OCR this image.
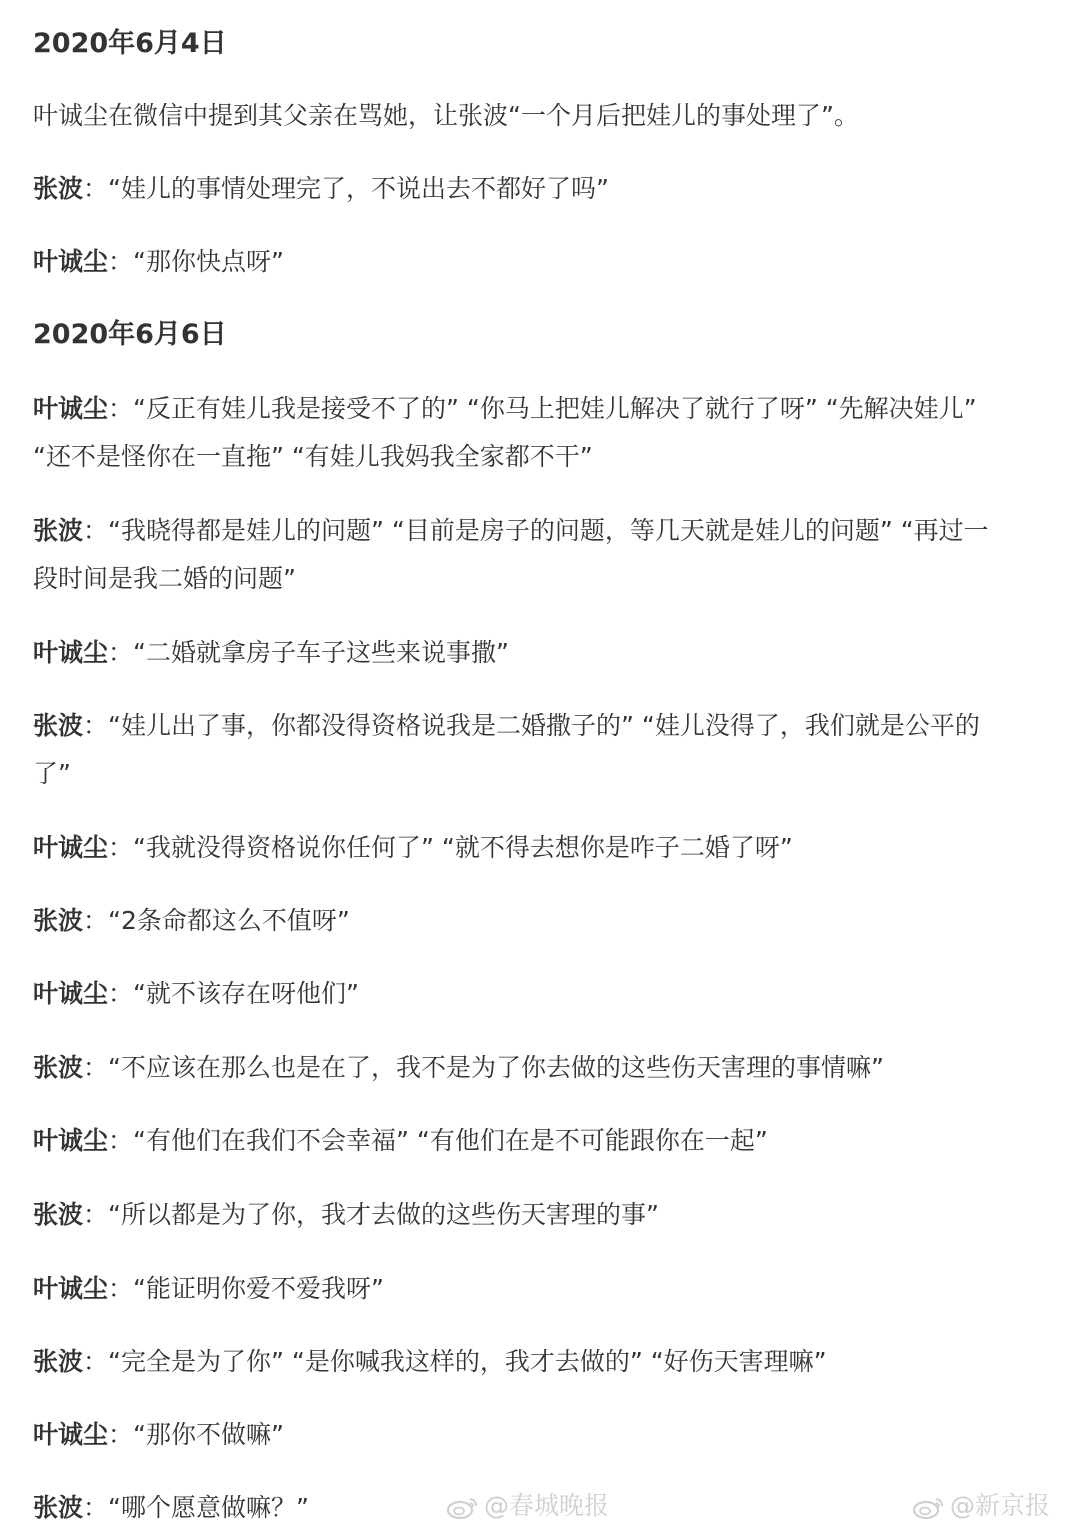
2020年6月4日
叶诚尘在微信中提到其父亲在骂她，让张波“一个月后把娃儿的事处理了”。
张波：“娃儿的事情处理完了，不说出去不都好了吗”
叶诚尘：“那你快点呀”
2020年6月6日
叶诚尘：“反正有娃儿我是接受不了的” “你马上把娃儿解决了就行了呀” “先解决娃儿”
“还不是怪你在一直拖” “有娃儿我妈我全家都不干”
张波：“我晓得都是娃儿的问题” “目前是房子的问题，等几天就是娃儿的问题” “再过一
段时间是我二婚的问题”
叶诚尘：“二婚就拿房子车子这些来说事撒”
张波：“娃儿出了事，你都没得资格说我是二婚撒子的” “娃儿没得了，我们就是公平的
了”
叶诚尘：“我就没得资格说你任何了” “就不得去想你是咋子二婚了呀”
张波：“2条命都这么不值呀”
叶诚尘：“就不该存在呀他们”
张波：“不应该在那么也是在了，我不是为了你去做的这些伤天害理的事情嘛”
叶诚尘：“有他们在我们不会幸福” “有他们在是不可能跟你在一起”
张波：“所以都是为了你，我才去做的这些伤天害理的事”
叶诚尘：“能证明你爱不爱我呀”
张波：“完全是为了你” “是你喊我这样的，我才去做的” “好伤天害理嘛”
叶诚尘：“那你不做嘛”
张波：“哪个愿意做嘛？”	@春城晚报	@新京报
